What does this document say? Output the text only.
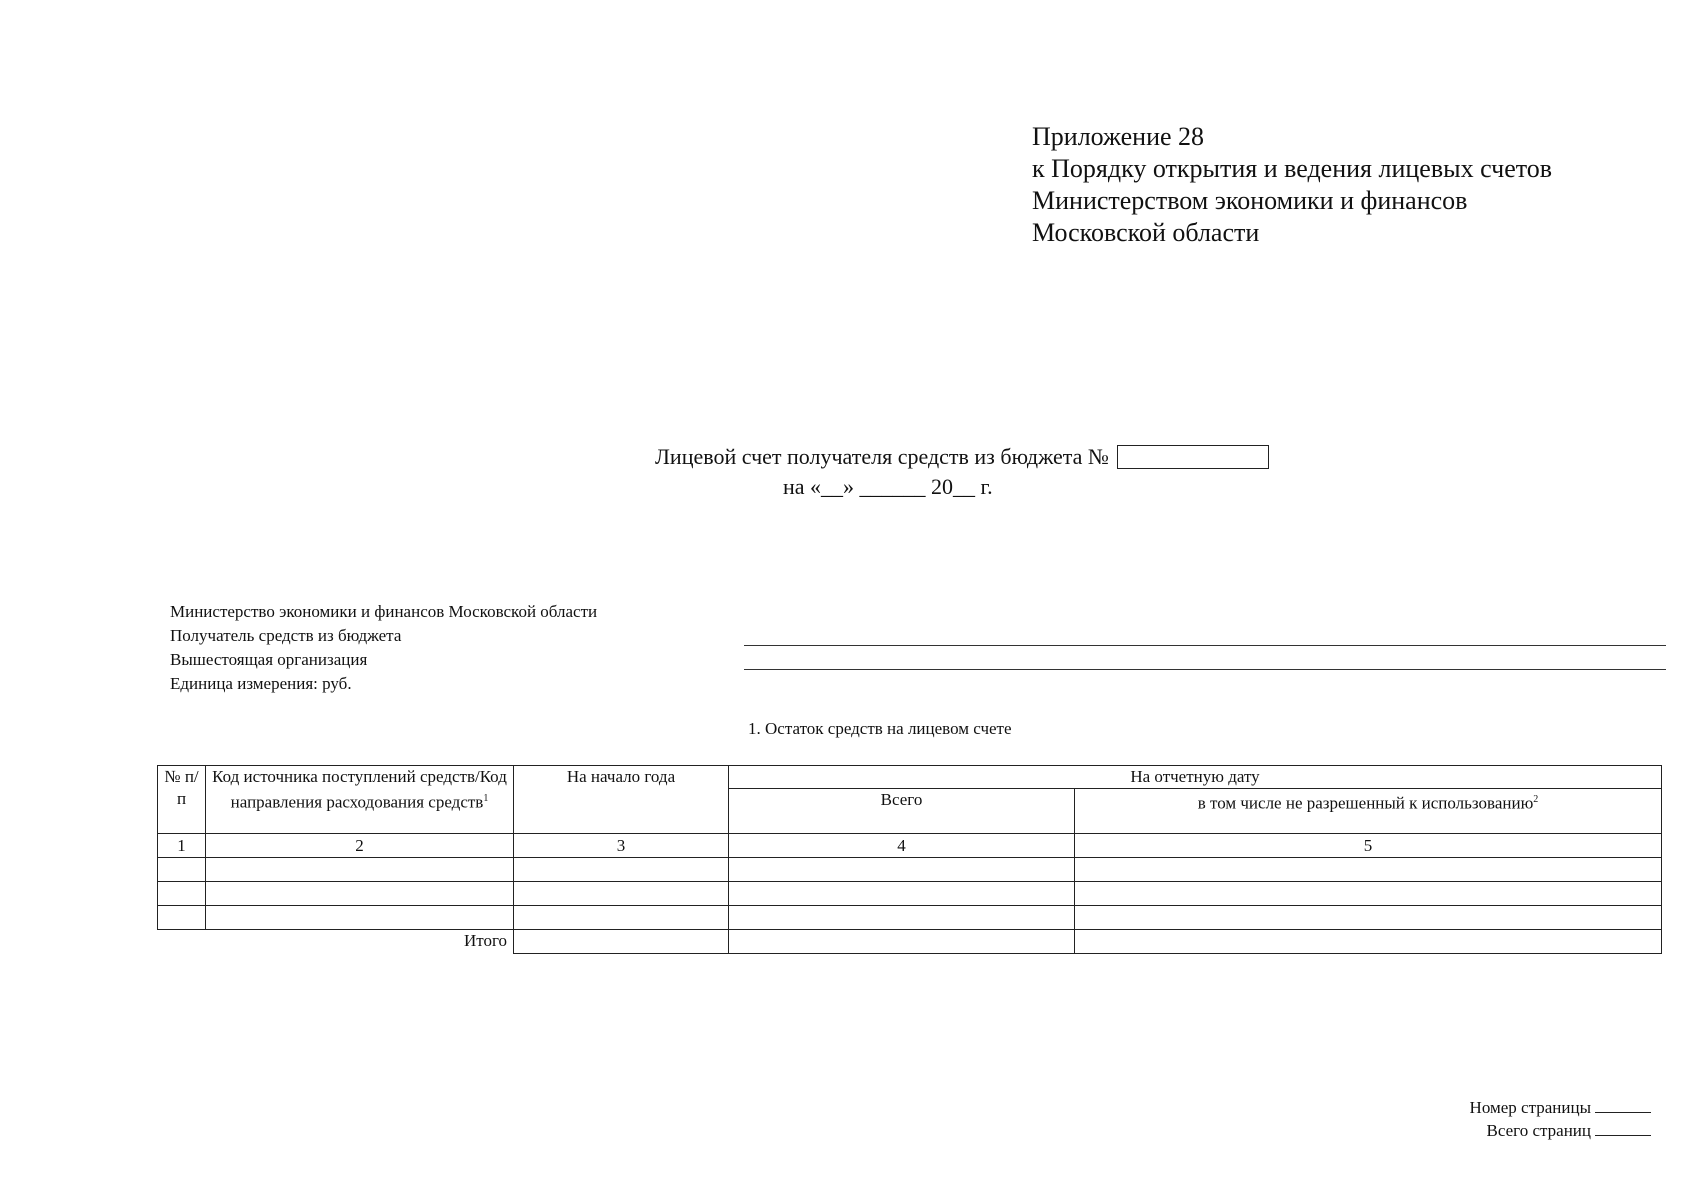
Приложение 28
к Порядку открытия и ведения лицевых счетов
Министерством экономики и финансов
Московской области
Лицевой счет получателя средств из бюджета №
на «__» ______ 20__ г.
Министерство экономики и финансов Московской области
Получатель средств из бюджета
Вышестоящая организация
Единица измерения: руб.
1. Остаток средств на лицевом счете
№ п/п	Код источника поступлений средств/Код направления расходования средств$^1$	На начало года	На отчетную дату	
			Всего	в том числе не разрешенный к использованию$^2$
1	2	3	4	5

Итого				
Номер страницы
Всего страниц
